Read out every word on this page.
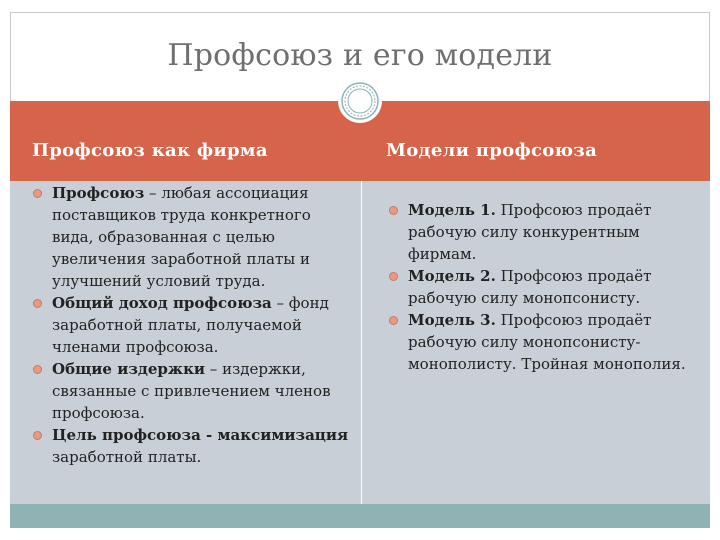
Профсоюз и его модели
Профсоюз как фирма	Модели профсоюза
Профсоюз – любая ассоциация поставщиков труда конкретного вида, образованная с целью увеличения заработной платы и улучшений условий труда.
Общий доход профсоюза – фонд заработной платы, получаемой членами профсоюза.
Общие издержки – издержки, связанные с привлечением членов профсоюза.
Цель профсоюза - максимизация заработной платы.
Модель 1. Профсоюз продаёт рабочую силу конкурентным фирмам.
Модель 2. Профсоюз продаёт рабочую силу монопсонисту.
Модель 3. Профсоюз продаёт рабочую силу монопсонисту-монополисту. Тройная монополия.
